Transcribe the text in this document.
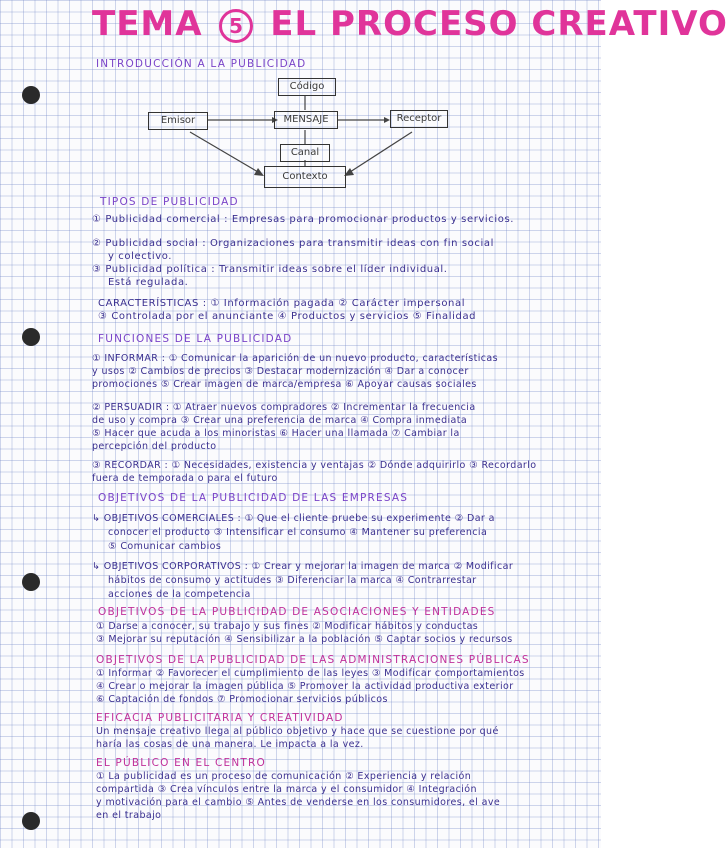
TEMA 5 EL PROCESO CREATIVO
INTRODUCCIÓN A LA PUBLICIDAD
Código
Emisor	MENSAJE	Receptor
Canal
Contexto
TIPOS DE PUBLICIDAD
① Publicidad comercial : Empresas para promocionar productos y servicios.
② Publicidad social : Organizaciones para transmitir ideas con fin social
y colectivo.
③ Publicidad política : Transmitir ideas sobre el líder individual.
Está regulada.
CARACTERÍSTICAS : ① Información pagada ② Carácter impersonal
③ Controlada por el anunciante ④ Productos y servicios ⑤ Finalidad
FUNCIONES DE LA PUBLICIDAD
① INFORMAR : ① Comunicar la aparición de un nuevo producto, características
y usos ② Cambios de precios ③ Destacar modernización ④ Dar a conocer
promociones ⑤ Crear imagen de marca/empresa ⑥ Apoyar causas sociales
② PERSUADIR : ① Atraer nuevos compradores ② Incrementar la frecuencia
de uso y compra ③ Crear una preferencia de marca ④ Compra inmediata
⑤ Hacer que acuda a los minoristas ⑥ Hacer una llamada ⑦ Cambiar la
percepción del producto
③ RECORDAR : ① Necesidades, existencia y ventajas ② Dónde adquirirlo ③ Recordarlo
fuera de temporada o para el futuro
OBJETIVOS DE LA PUBLICIDAD DE LAS EMPRESAS
↳ OBJETIVOS COMERCIALES : ① Que el cliente pruebe su experimente ② Dar a
conocer el producto ③ Intensificar el consumo ④ Mantener su preferencia
⑤ Comunicar cambios
↳ OBJETIVOS CORPORATIVOS : ① Crear y mejorar la imagen de marca ② Modificar
hábitos de consumo y actitudes ③ Diferenciar la marca ④ Contrarrestar
acciones de la competencia
OBJETIVOS DE LA PUBLICIDAD DE ASOCIACIONES Y ENTIDADES
① Darse a conocer, su trabajo y sus fines ② Modificar hábitos y conductas
③ Mejorar su reputación ④ Sensibilizar a la población ⑤ Captar socios y recursos
OBJETIVOS DE LA PUBLICIDAD DE LAS ADMINISTRACIONES PÚBLICAS
① Informar ② Favorecer el cumplimiento de las leyes ③ Modificar comportamientos
④ Crear o mejorar la imagen pública ⑤ Promover la actividad productiva exterior
⑥ Captación de fondos ⑦ Promocionar servicios públicos
EFICACIA PUBLICITARIA Y CREATIVIDAD
Un mensaje creativo llega al público objetivo y hace que se cuestione por qué
haría las cosas de una manera. Le impacta a la vez.
EL PÚBLICO EN EL CENTRO
① La publicidad es un proceso de comunicación ② Experiencia y relación
compartida ③ Crea vínculos entre la marca y el consumidor ④ Integración
y motivación para el cambio ⑤ Antes de venderse en los consumidores, el ave
en el trabajo
